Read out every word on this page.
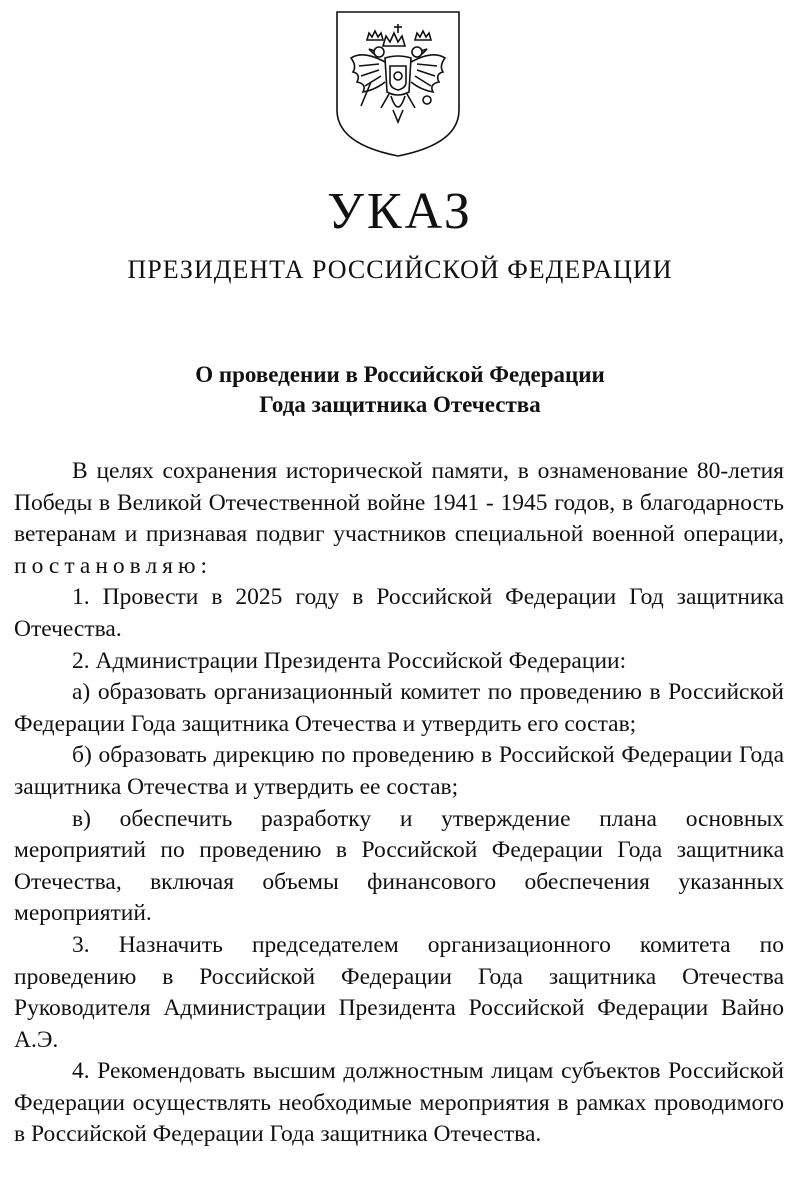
УКАЗ
ПРЕЗИДЕНТА РОССИЙСКОЙ ФЕДЕРАЦИИ
О проведении в Российской Федерации
Года защитника Отечества

В целях сохранения исторической памяти, в ознаменование 80-летия Победы в Великой Отечественной войне 1941 - 1945 годов, в благодарность ветеранам и признавая подвиг участников специальной военной операции, постановляю:

1. Провести в 2025 году в Российской Федерации Год защитника Отечества.

2. Администрации Президента Российской Федерации:

а) образовать организационный комитет по проведению в Российской Федерации Года защитника Отечества и утвердить его состав;

б) образовать дирекцию по проведению в Российской Федерации Года защитника Отечества и утвердить ее состав;

в) обеспечить разработку и утверждение плана основных мероприятий по проведению в Российской Федерации Года защитника Отечества, включая объемы финансового обеспечения указанных мероприятий.

3. Назначить председателем организационного комитета по проведению в Российской Федерации Года защитника Отечества Руководителя Администрации Президента Российской Федерации Вайно А.Э.

4. Рекомендовать высшим должностным лицам субъектов Российской Федерации осуществлять необходимые мероприятия в рамках проводимого в Российской Федерации Года защитника Отечества.
